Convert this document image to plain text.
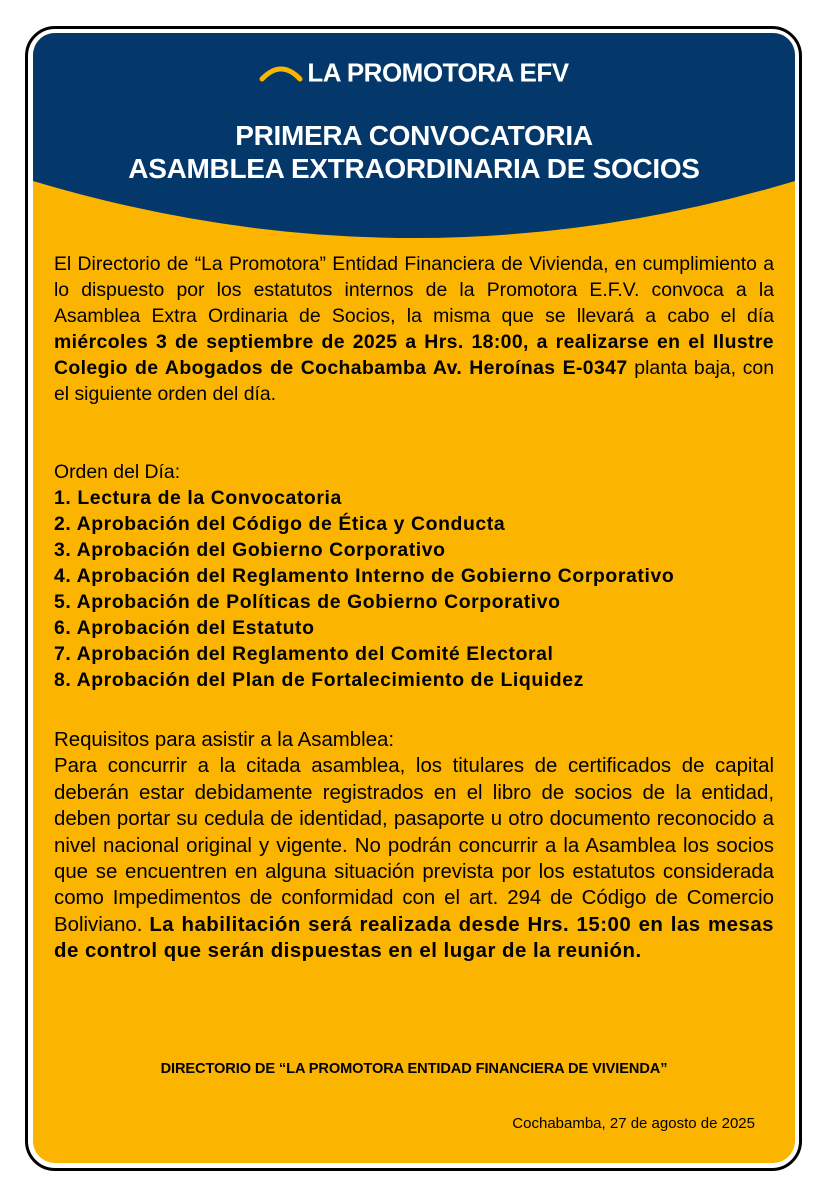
LA PROMOTORA EFV
PRIMERA CONVOCATORIA
ASAMBLEA EXTRAORDINARIA DE SOCIOS
El Directorio de “La Promotora” Entidad Financiera de Vivienda, en cumplimiento a lo dispuesto por los estatutos internos de la Promotora E.F.V. convoca a la Asamblea Extra Ordinaria de Socios, la misma que se llevará a cabo el día miércoles 3 de septiembre de 2025 a Hrs. 18:00, a realizarse en el Ilustre Colegio de Abogados de Cochabamba Av. Heroínas E-0347 planta baja, con el siguiente orden del día.
Orden del Día:
1. Lectura de la Convocatoria
2. Aprobación del Código de Ética y Conducta
3. Aprobación del Gobierno Corporativo
4. Aprobación del Reglamento Interno de Gobierno Corporativo
5. Aprobación de Políticas de Gobierno Corporativo
6. Aprobación del Estatuto
7. Aprobación del Reglamento del Comité Electoral
8. Aprobación del Plan de Fortalecimiento de Liquidez
Requisitos para asistir a la Asamblea:
Para concurrir a la citada asamblea, los titulares de certificados de capital deberán estar debidamente registrados en el libro de socios de la entidad, deben portar su cedula de identidad, pasaporte u otro documento reconocido a nivel nacional original y vigente. No podrán concurrir a la Asamblea los socios que se encuentren en alguna situación prevista por los estatutos considerada como Impedimentos de conformidad con el art. 294 de Código de Comercio Boliviano. La habilitación será realizada desde Hrs. 15:00 en las mesas de control que serán dispuestas en el lugar de la reunión.
DIRECTORIO DE “LA PROMOTORA ENTIDAD FINANCIERA DE VIVIENDA”
Cochabamba, 27 de agosto de 2025
